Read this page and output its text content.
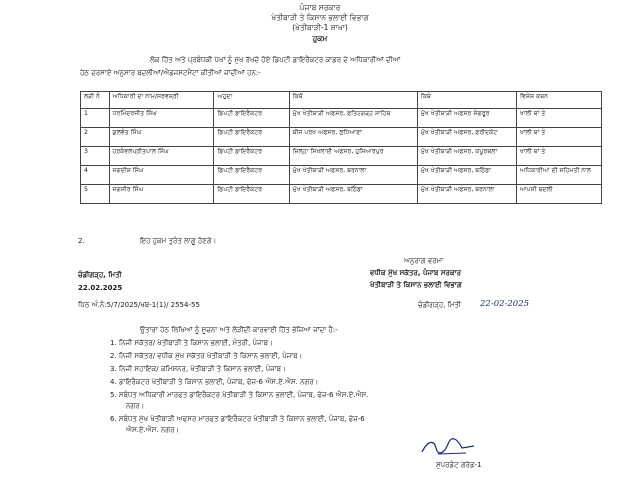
ਪੰਜਾਬ ਸਰਕਾਰ
ਖੇਤੀਬਾੜੀ ਤੇ ਕਿਸਾਨ ਭਲਾਈ ਵਿਭਾਗ
(ਖੇਤੀਬਾੜੀ-1 ਸ਼ਾਖਾ)
ਹੁਕਮ
ਲੋਕ ਹਿੱਤ ਅਤੇ ਪ੍ਰਬੰਧਕੀ ਪੱਖਾਂ ਨੂੰ ਮੁੱਖ ਰੱਖਦੇ ਹੋਏ ਡਿਪਟੀ ਡਾਇਰੈਕਟਰ ਕਾਡਰ ਦੇ ਅਧਿਕਾਰੀਆਂ ਦੀਆਂ
ਹੇਠ ਦਰਸਾਏ ਅਨੁਸਾਰ ਬਦਲੀਆਂ/ਐਡਜਸਟਮੈਂਟਾਂ ਕੀਤੀਆਂ ਜਾਂਦੀਆਂ ਹਨ:-
ਲੜੀ ਨੰ	ਅਧਿਕਾਰੀ ਦਾ ਨਾਮ/ਸਰਵਸ਼੍ਰੀ	ਅਹੁਦਾ	ਕਿਥੋਂ	ਕਿਥੇ	ਵਿਸ਼ੇਸ਼ ਕਥਨ
1	ਧਰਮਿੰਦਰਜੀਤ ਸਿੰਘ	ਡਿਪਟੀ ਡਾਇਰੈਕਟਰ	ਮੁੱਖ ਖੇਤੀਬਾੜੀ ਅਫਸਰ, ਫਤਿਹਗੜ੍ਹ ਸਾਹਿਬ	ਮੁੱਖ ਖੇਤੀਬਾੜੀ ਅਫਸਰ ਸੰਗਰੂਰ	ਖਾਲੀ ਥਾਂ ਤੇ
2	ਕੁਲਵੰਤ ਸਿੰਘ	ਡਿਪਟੀ ਡਾਇਰੈਕਟਰ	ਬੀਜ ਪਰਖ ਅਫਸਰ, ਲੁਧਿਆਣਾ	ਮੁੱਖ ਖੇਤੀਬਾੜੀ ਅਫਸਰ, ਫਰੀਦਕੋਟ	ਖਾਲੀ ਥਾਂ ਤੇ
3	ਹਰਕੰਵਲਪ੍ਰੀਤਪਾਲ ਸਿੰਘ	ਡਿਪਟੀ ਡਾਇਰੈਕਟਰ	ਜ਼ਿਲ੍ਹਾ ਸਿਖਲਾਈ ਅਫਸਰ, ਹੁਸ਼ਿਆਰਪੁਰ	ਮੁੱਖ ਖੇਤੀਬਾੜੀ ਅਫਸਰ, ਕਪੂਰਥਲਾ	ਖਾਲੀ ਥਾਂ ਤੇ
4	ਜਗਦੀਸ਼ ਸਿੰਘ	ਡਿਪਟੀ ਡਾਇਰੈਕਟਰ	ਮੁੱਖ ਖੇਤੀਬਾੜੀ ਅਫਸਰ, ਬਰਨਾਲਾ	ਮੁੱਖ ਖੇਤੀਬਾੜੀ ਅਫਸਰ, ਬਠਿੰਡਾ	ਅਧਿਕਾਰੀਆਂ ਦੀ ਸਹਿਮਤੀ ਨਾਲ
5	ਜਗਸੀਰ ਸਿੰਘ	ਡਿਪਟੀ ਡਾਇਰੈਕਟਰ	ਮੁੱਖ ਖੇਤੀਬਾੜੀ ਅਫਸਰ, ਬਠਿੰਡਾ	ਮੁੱਖ ਖੇਤੀਬਾੜੀ ਅਫਸਰ, ਬਰਨਾਲਾ	ਆਪਸੀ ਬਦਲੀ
2.	ਇਹ ਹੁਕਮ ਤੁਰੰਤ ਲਾਗੂ ਹੋਣਗੇ।
ਅਨੁਰਾਗ ਵਰਮਾ
ਵਧੀਕ ਮੁੱਖ ਸਕੱਤਰ, ਪੰਜਾਬ ਸਰਕਾਰ
ਖੇਤੀਬਾੜੀ ਤੇ ਕਿਸਾਨ ਭਲਾਈ ਵਿਭਾਗ
ਚੰਡੀਗੜ੍ਹ, ਮਿਤੀ
22.02.2025
ਪਿੱਠ ਅੰ.ਨੰ:5/7/2025/ਖਬ-1(1)/ 2554-55	ਚੰਡੀਗੜ੍ਹ, ਮਿਤੀ 22-02-2025
ਉਤਾਰਾ ਹੇਠ ਲਿਖਿਆਂ ਨੂੰ ਸੂਚਨਾ ਅਤੇ ਲੋੜੀਂਦੀ ਕਾਰਵਾਈ ਹਿੱਤ ਭੇਜਿਆ ਜਾਂਦਾ ਹੈ:-
1. ਨਿਜੀ ਸਕੱਤਰ/ ਖੇਤੀਬਾੜੀ ਤੇ ਕਿਸਾਨ ਭਲਾਈ, ਮੰਤਰੀ, ਪੰਜਾਬ।
2. ਨਿਜੀ ਸਕੱਤਰ/ ਵਧੀਕ ਮੁੱਖ ਸਕੱਤਰ ਖੇਤੀਬਾੜੀ ਤੇ ਕਿਸਾਨ ਭਲਾਈ, ਪੰਜਾਬ।
3. ਨਿਜੀ ਸਹਾਇਕ/ ਕਮਿਸ਼ਨਰ, ਖੇਤੀਬਾੜੀ ਤੇ ਕਿਸਾਨ ਭਲਾਈ, ਪੰਜਾਬ।
4. ਡਾਇਰੈਕਟਰ ਖੇਤੀਬਾੜੀ ਤੇ ਕਿਸਾਨ ਭਲਾਈ, ਪੰਜਾਬ, ਫੇਜ਼-6 ਐਸ.ਏ.ਐਸ. ਨਗਰ।
5. ਸਬੰਧਤ ਅਧਿਕਾਰੀ ਮਾਰਫਤ ਡਾਇਰੈਕਟਰ ਖੇਤੀਬਾੜੀ ਤੇ ਕਿਸਾਨ ਭਲਾਈ, ਪੰਜਾਬ, ਫੇਜ਼-6 ਐਸ.ਏ.ਐਸ.
ਨਗਰ।
6. ਸਬੰਧਤ ਮੁੱਖ ਖੇਤੀਬਾੜੀ ਅਫਸਰ ਮਾਰਫਤ ਡਾਇਰੈਕਟਰ ਖੇਤੀਬਾੜੀ ਤੇ ਕਿਸਾਨ ਭਲਾਈ, ਪੰਜਾਬ, ਫੇਜ਼-6
ਐਸ.ਏ.ਐਸ. ਨਗਰ।
ਸੁਪਰਡੰਟ ਗਰੇਡ-1
